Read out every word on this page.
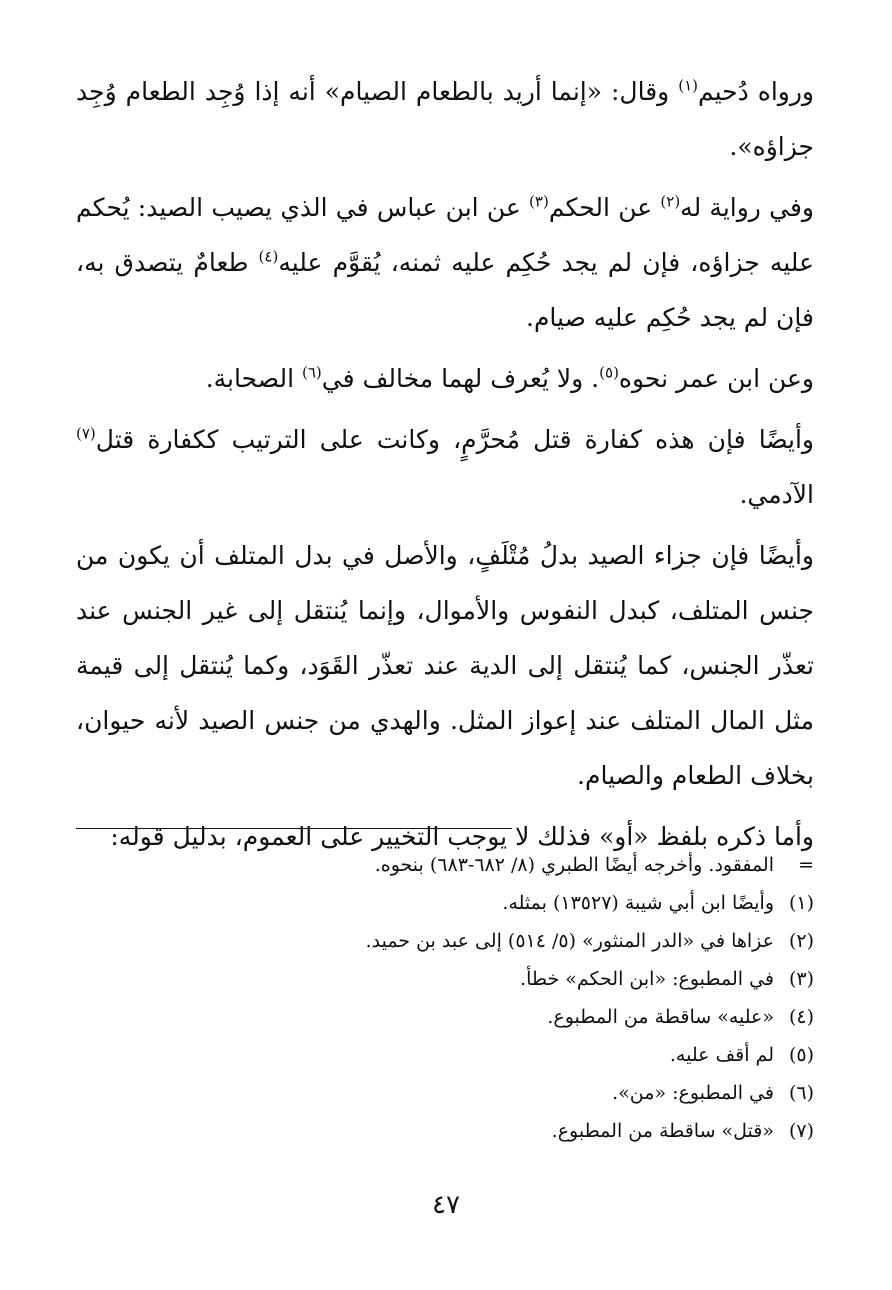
ورواه دُحيم$^{(١)}$ وقال: «إنما أريد بالطعام الصيام» أنه إذا وُجِد الطعام وُجِد جزاؤه».

وفي رواية له$^{(٢)}$ عن الحكم$^{(٣)}$ عن ابن عباس في الذي يصيب الصيد: يُحكم عليه جزاؤه، فإن لم يجد حُكِم عليه ثمنه، يُقوَّم عليه$^{(٤)}$ طعامٌ يتصدق به، فإن لم يجد حُكِم عليه صيام.

وعن ابن عمر نحوه$^{(٥)}$. ولا يُعرف لهما مخالف في$^{(٦)}$ الصحابة.

وأيضًا فإن هذه كفارة قتل مُحرَّمٍ، وكانت على الترتيب ككفارة قتل$^{(٧)}$ الآدمي.

وأيضًا فإن جزاء الصيد بدلُ مُتْلَفٍ، والأصل في بدل المتلف أن يكون من جنس المتلف، كبدل النفوس والأموال، وإنما يُنتقل إلى غير الجنس عند تعذّر الجنس، كما يُنتقل إلى الدية عند تعذّر القَوَد، وكما يُنتقل إلى قيمة مثل المال المتلف عند إعواز المثل. والهدي من جنس الصيد لأنه حيوان، بخلاف الطعام والصيام.

وأما ذكره بلفظ «أو» فذلك لا يوجب التخيير على العموم، بدليل قوله:

=
المفقود. وأخرجه أيضًا الطبري (٨/ ٦٨٢-٦٨٣) بنحوه.
(١)
وأيضًا ابن أبي شيبة (١٣٥٢٧) بمثله.
(٢)
عزاها في «الدر المنثور» (٥/ ٥١٤) إلى عبد بن حميد.
(٣)
في المطبوع: «ابن الحكم» خطأ.
(٤)
«عليه» ساقطة من المطبوع.
(٥)
لم أقف عليه.
(٦)
في المطبوع: «من».
(٧)
«قتل» ساقطة من المطبوع.
٤٧
